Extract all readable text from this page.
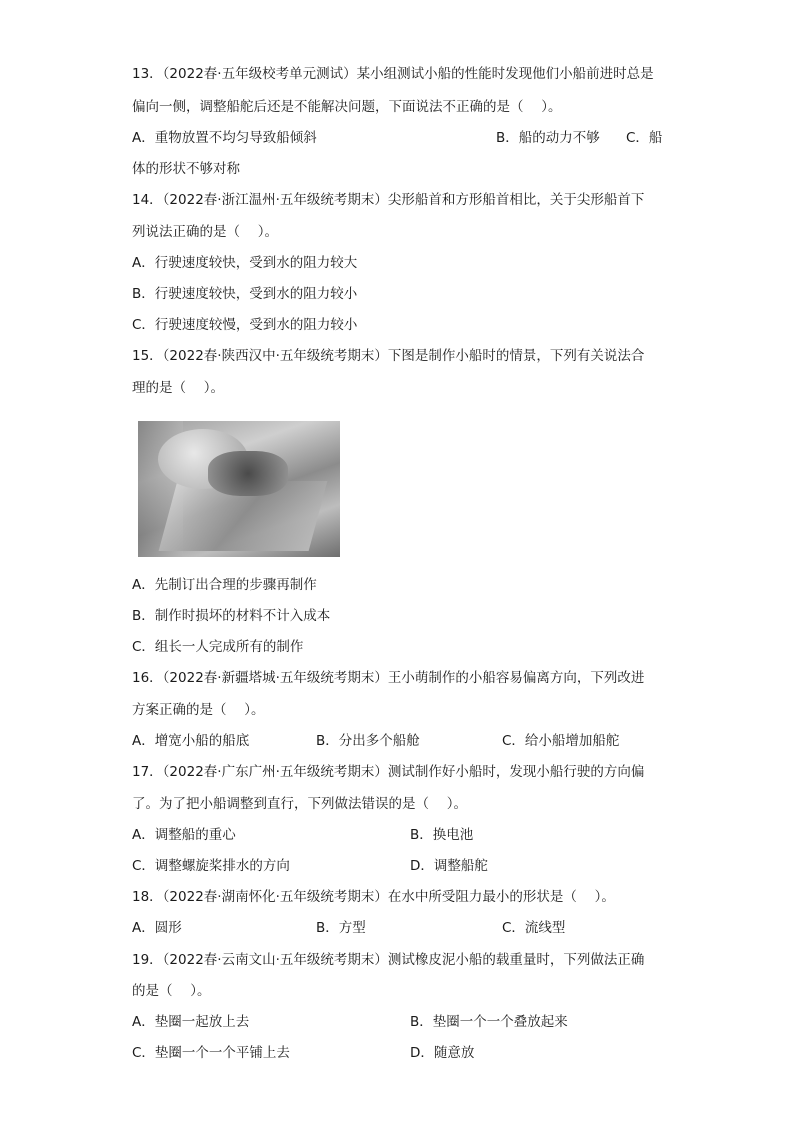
13．（2022春·五年级校考单元测试）某小组测试小船的性能时发现他们小船前进时总是
偏向一侧，调整船舵后还是不能解决问题，下面说法不正确的是（　 ）。
A．重物放置不均匀导致船倾斜	B．船的动力不够 C．船
体的形状不够对称
14．（2022春·浙江温州·五年级统考期末）尖形船首和方形船首相比，关于尖形船首下
列说法正确的是（　 ）。
A．行驶速度较快，受到水的阻力较大
B．行驶速度较快，受到水的阻力较小
C．行驶速度较慢，受到水的阻力较小
15．（2022春·陕西汉中·五年级统考期末）下图是制作小船时的情景，下列有关说法合
理的是（　 ）。
A．先制订出合理的步骤再制作
B．制作时损坏的材料不计入成本
C．组长一人完成所有的制作
16．（2022春·新疆塔城·五年级统考期末）王小萌制作的小船容易偏离方向，下列改进
方案正确的是（　 ）。
A．增宽小船的船底	B．分出多个船舱	C．给小船增加船舵
17．（2022春·广东广州·五年级统考期末）测试制作好小船时，发现小船行驶的方向偏
了。为了把小船调整到直行，下列做法错误的是（　 ）。
A．调整船的重心	B．换电池
C．调整螺旋桨排水的方向	D．调整船舵
18．（2022春·湖南怀化·五年级统考期末）在水中所受阻力最小的形状是（　 ）。
A．圆形	B．方型	C．流线型
19．（2022春·云南文山·五年级统考期末）测试橡皮泥小船的载重量时，下列做法正确
的是（　 ）。
A．垫圈一起放上去	B．垫圈一个一个叠放起来
C．垫圈一个一个平铺上去	D．随意放
